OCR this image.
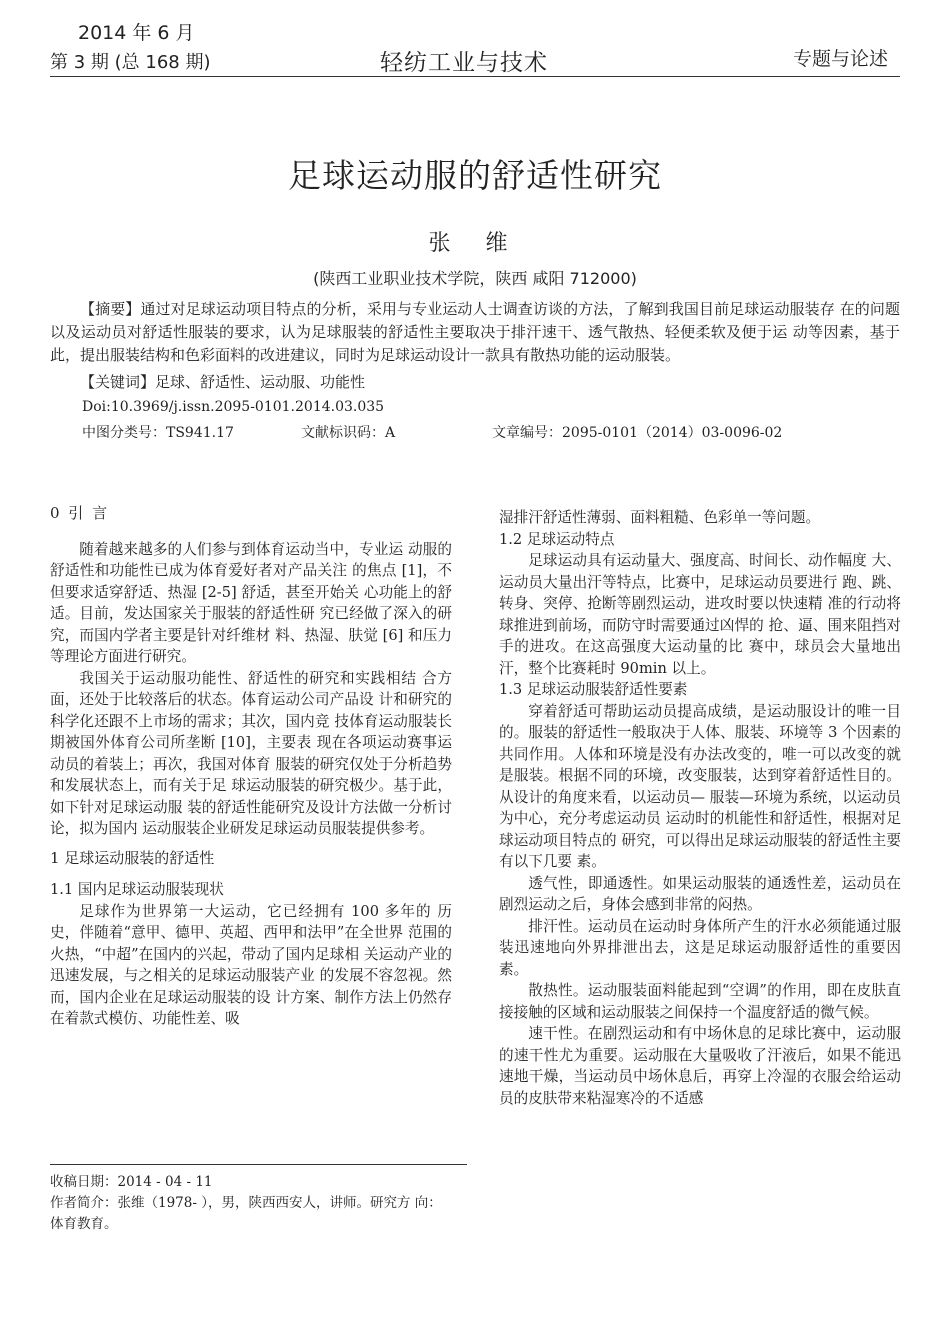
2014 年 6 月
第 3 期 (总 168 期)	轻纺工业与技术	专题与论述
足球运动服的舒适性研究
张 维
(陕西工业职业技术学院，陕西 咸阳 712000)
【摘要】通过对足球运动项目特点的分析，采用与专业运动人士调查访谈的方法，了解到我国目前足球运动服装存 在的问题以及运动员对舒适性服装的要求，认为足球服装的舒适性主要取决于排汗速干、透气散热、轻便柔软及便于运 动等因素，基于此，提出服装结构和色彩面料的改进建议，同时为足球运动设计一款具有散热功能的运动服装。
【关键词】足球、舒适性、运动服、功能性
Doi:10.3969/j.issn.2095-0101.2014.03.035
中图分类号：TS941.17	文献标识码：A	文章编号：2095-0101（2014）03-0096-02
0 引 言

随着越来越多的人们参与到体育运动当中，专业运 动服的舒适性和功能性已成为体育爱好者对产品关注 的焦点 [1]，不但要求适穿舒适、热湿 [2-5] 舒适，甚至开始关 心功能上的舒适。目前，发达国家关于服装的舒适性研 究已经做了深入的研究，而国内学者主要是针对纤维材 料、热湿、肤觉 [6] 和压力等理论方面进行研究。

我国关于运动服功能性、舒适性的研究和实践相结 合方面，还处于比较落后的状态。体育运动公司产品设 计和研究的科学化还跟不上市场的需求；其次，国内竞 技体育运动服装长期被国外体育公司所垄断 [10]，主要表 现在各项运动赛事运动员的着装上；再次，我国对体育 服装的研究仅处于分析趋势和发展状态上，而有关于足 球运动服装的研究极少。基于此，如下针对足球运动服 装的舒适性能研究及设计方法做一分析讨论，拟为国内 运动服装企业研发足球运动员服装提供参考。

1 足球运动服装的舒适性
1.1 国内足球运动服装现状

足球作为世界第一大运动，它已经拥有 100 多年的 历史，伴随着“意甲、德甲、英超、西甲和法甲”在全世界 范围的火热，“中超”在国内的兴起，带动了国内足球相 关运动产业的迅速发展，与之相关的足球运动服装产业 的发展不容忽视。然而，国内企业在足球运动服装的设 计方案、制作方法上仍然存在着款式模仿、功能性差、吸

湿排汗舒适性薄弱、面料粗糙、色彩单一等问题。
1.2 足球运动特点

足球运动具有运动量大、强度高、时间长、动作幅度 大、运动员大量出汗等特点，比赛中，足球运动员要进行 跑、跳、转身、突停、抢断等剧烈运动，进攻时要以快速精 准的行动将球推进到前场，而防守时需要通过凶悍的 抢、逼、围来阻挡对手的进攻。在这高强度大运动量的比 赛中，球员会大量地出汗，整个比赛耗时 90min 以上。

1.3 足球运动服装舒适性要素

穿着舒适可帮助运动员提高成绩，是运动服设计的唯一目的。服装的舒适性一般取决于人体、服装、环境等 3 个因素的共同作用。人体和环境是没有办法改变的，唯一可以改变的就是服装。根据不同的环境，改变服装，达到穿着舒适性目的。从设计的角度来看，以运动员— 服装—环境为系统，以运动员为中心，充分考虑运动员 运动时的机能性和舒适性，根据对足球运动项目特点的 研究，可以得出足球运动服装的舒适性主要有以下几要 素。

透气性，即通透性。如果运动服装的通透性差，运动员在剧烈运动之后，身体会感到非常的闷热。

排汗性。运动员在运动时身体所产生的汗水必须能通过服装迅速地向外界排泄出去，这是足球运动服舒适性的重要因素。

散热性。运动服装面料能起到“空调”的作用，即在皮肤直接接触的区域和运动服装之间保持一个温度舒适的微气候。

速干性。在剧烈运动和有中场休息的足球比赛中，运动服的速干性尤为重要。运动服在大量吸收了汗液后，如果不能迅速地干燥，当运动员中场休息后，再穿上冷湿的衣服会给运动员的皮肤带来粘湿寒冷的不适感

收稿日期：2014 - 04 - 11
作者简介：张维（1978- ），男，陕西西安人，讲师。研究方 向：体育教育。
